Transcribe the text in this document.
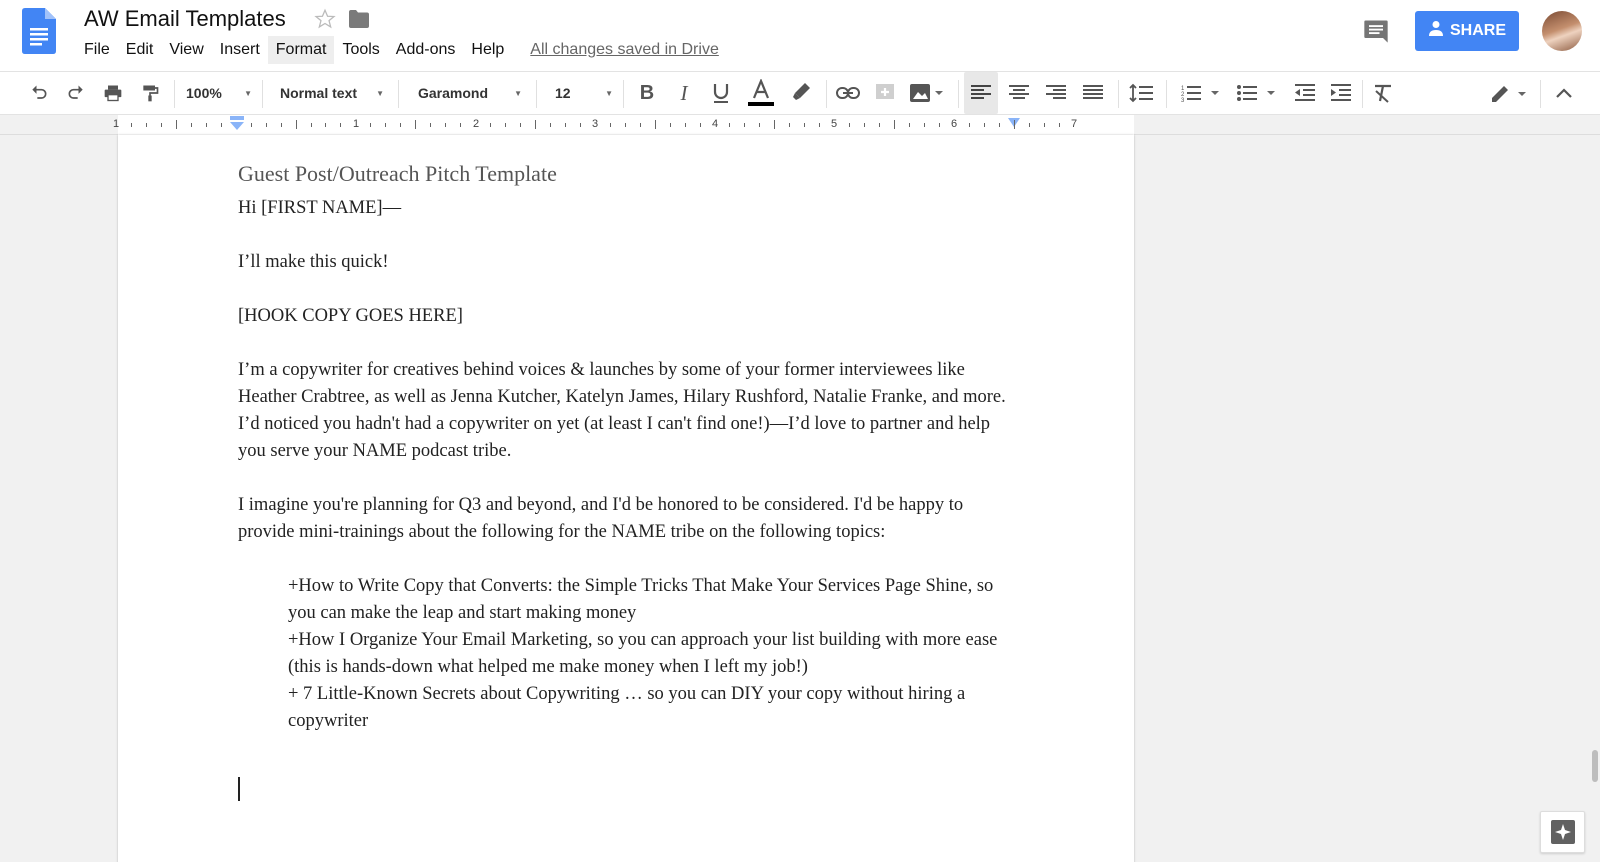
AW Email Templates
File	Edit	View	Insert	Format	Tools	Add-ons	Help	All changes saved in Drive
SHARE
100%	▼ Normal text ▼ Garamond	▼ 12	▼	B	I	1
2
3
1	1	2	3	4	5	6	7

Guest Post/Outreach Pitch Template

Hi [FIRST NAME]—

I’ll make this quick!

[HOOK COPY GOES HERE]

I’m a copywriter for creatives behind voices & launches by some of your former interviewees like Heather Crabtree, as well as Jenna Kutcher, Katelyn James, Hilary Rushford, Natalie Franke, and more. I’d noticed you hadn't had a copywriter on yet (at least I can't find one!)—I’d love to partner and help you serve your NAME podcast tribe.

I imagine you're planning for Q3 and beyond, and I'd be honored to be considered. I'd be happy to provide mini-trainings about the following for the NAME tribe on the following topics:

+How to Write Copy that Converts: the Simple Tricks That Make Your Services Page Shine, so you can make the leap and start making money

+How I Organize Your Email Marketing, so you can approach your list building with more ease (this is hands-down what helped me make money when I left my job!)

+ 7 Little-Known Secrets about Copywriting … so you can DIY your copy without hiring a copywriter
